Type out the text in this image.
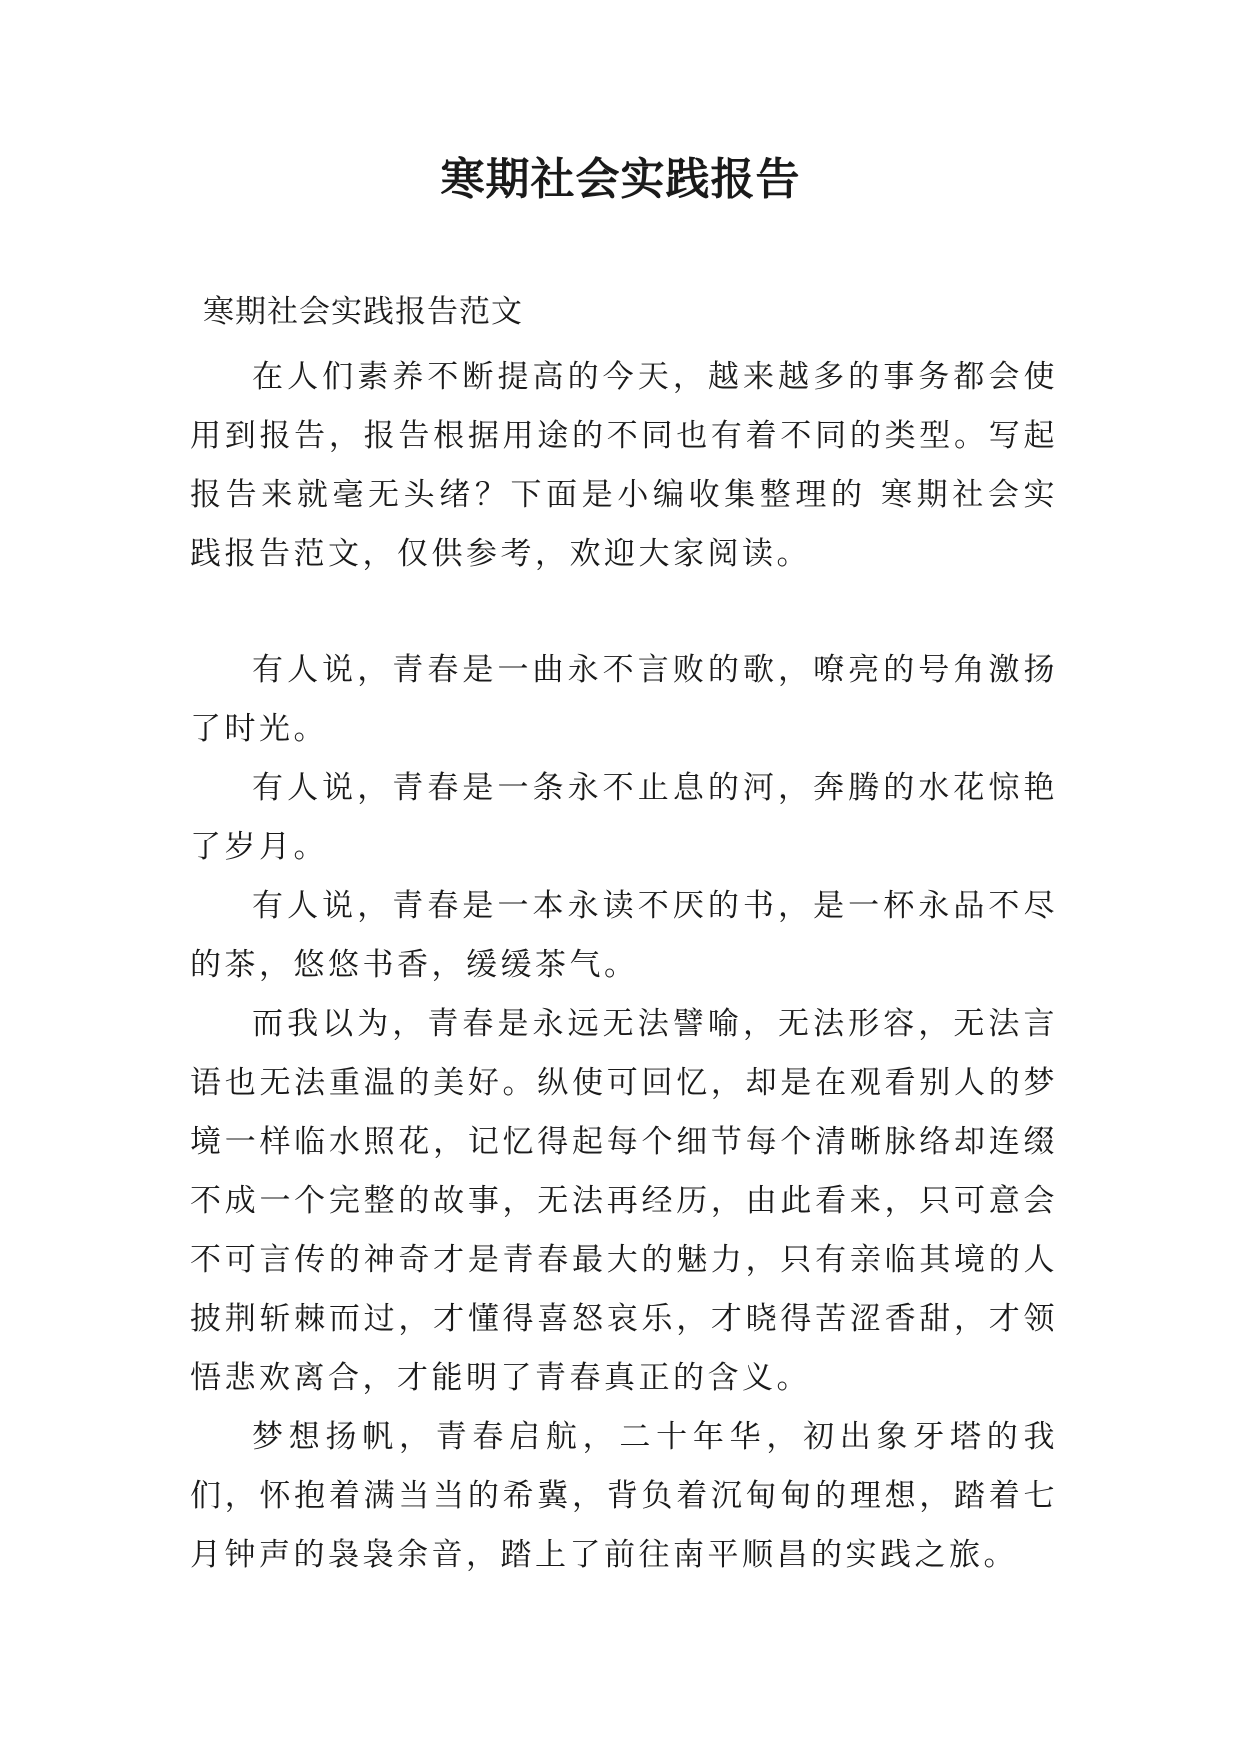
寒期社会实践报告

寒期社会实践报告范文

在人们素养不断提高的今天，越来越多的事务都会使用到报告，报告根据用途的不同也有着不同的类型。写起报告来就毫无头绪？下面是小编收集整理的 寒期社会实践报告范文，仅供参考，欢迎大家阅读。

有人说，青春是一曲永不言败的歌，嘹亮的号角激扬了时光。

有人说，青春是一条永不止息的河，奔腾的水花惊艳了岁月。

有人说，青春是一本永读不厌的书，是一杯永品不尽的茶，悠悠书香，缓缓茶气。

而我以为，青春是永远无法譬喻，无法形容，无法言语也无法重温的美好。纵使可回忆，却是在观看别人的梦境一样临水照花，记忆得起每个细节每个清晰脉络却连缀不成一个完整的故事，无法再经历，由此看来，只可意会不可言传的神奇才是青春最大的魅力，只有亲临其境的人披荆斩棘而过，才懂得喜怒哀乐，才晓得苦涩香甜，才领悟悲欢离合，才能明了青春真正的含义。

梦想扬帆，青春启航，二十年华，初出象牙塔的我们，怀抱着满当当的希冀，背负着沉甸甸的理想，踏着七月钟声的袅袅余音，踏上了前往南平顺昌的实践之旅。
